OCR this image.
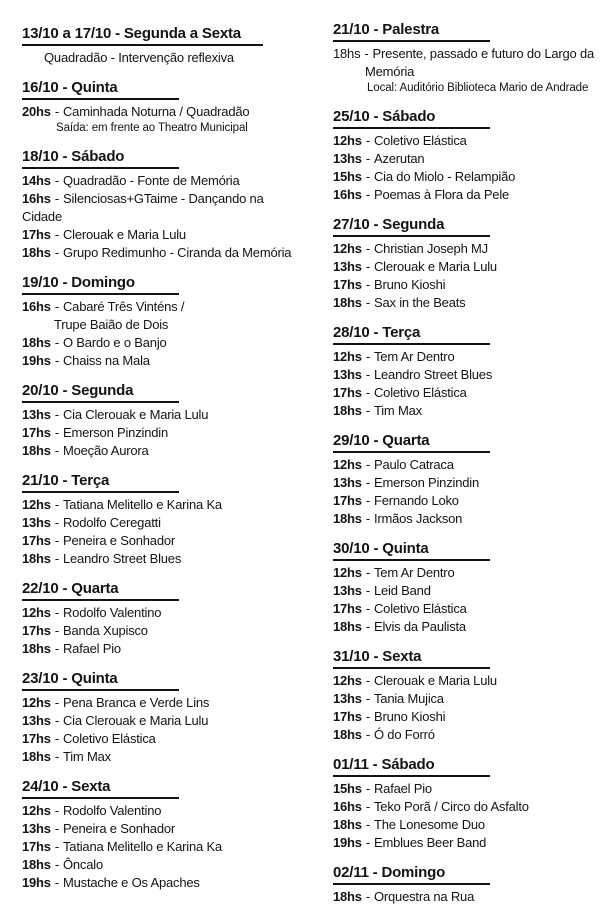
13/10 a 17/10 - Segunda a Sexta
Quadradão - Intervenção reflexiva
16/10 - Quinta
20hs - Caminhada Noturna / Quadradão
Saída: em frente ao Theatro Municipal
18/10 - Sábado
14hs - Quadradão - Fonte de Memória
16hs - Silenciosas+GTaime - Dançando na
Cidade
17hs - Clerouak e Maria Lulu
18hs - Grupo Redimunho - Ciranda da Memória
19/10 - Domingo
16hs - Cabaré Três Vinténs /
Trupe Baião de Dois
18hs - O Bardo e o Banjo
19hs - Chaiss na Mala
20/10 - Segunda
13hs - Cia Clerouak e Maria Lulu
17hs - Emerson Pinzindin
18hs - Moeção Aurora
21/10 - Terça
12hs - Tatiana Melitello e Karina Ka
13hs - Rodolfo Ceregatti
17hs - Peneira e Sonhador
18hs - Leandro Street Blues
22/10 - Quarta
12hs - Rodolfo Valentino
17hs - Banda Xupisco
18hs - Rafael Pio
23/10 - Quinta
12hs - Pena Branca e Verde Lins
13hs - Cia Clerouak e Maria Lulu
17hs - Coletivo Elástica
18hs - Tim Max
24/10 - Sexta
12hs - Rodolfo Valentino
13hs - Peneira e Sonhador
17hs - Tatiana Melitello e Karina Ka
18hs - Ôncalo
19hs - Mustache e Os Apaches
21/10 - Palestra
18hs - Presente, passado e futuro do Largo da
Memória
Local: Auditório Biblioteca Mario de Andrade
25/10 - Sábado
12hs - Coletivo Elástica
13hs - Azerutan
15hs - Cia do Miolo - Relampião
16hs - Poemas à Flora da Pele
27/10 - Segunda
12hs - Christian Joseph MJ
13hs - Clerouak e Maria Lulu
17hs - Bruno Kioshi
18hs - Sax in the Beats
28/10 - Terça
12hs - Tem Ar Dentro
13hs - Leandro Street Blues
17hs - Coletivo Elástica
18hs - Tim Max
29/10 - Quarta
12hs - Paulo Catraca
13hs - Emerson Pinzindin
17hs - Fernando Loko
18hs - Irmãos Jackson
30/10 - Quinta
12hs - Tem Ar Dentro
13hs - Leid Band
17hs - Coletivo Elástica
18hs - Elvis da Paulista
31/10 - Sexta
12hs - Clerouak e Maria Lulu
13hs - Tania Mujica
17hs - Bruno Kioshi
18hs - Ó do Forró
01/11 - Sábado
15hs - Rafael Pio
16hs - Teko Porã / Circo do Asfalto
18hs - The Lonesome Duo
19hs - Emblues Beer Band
02/11 - Domingo
18hs - Orquestra na Rua
